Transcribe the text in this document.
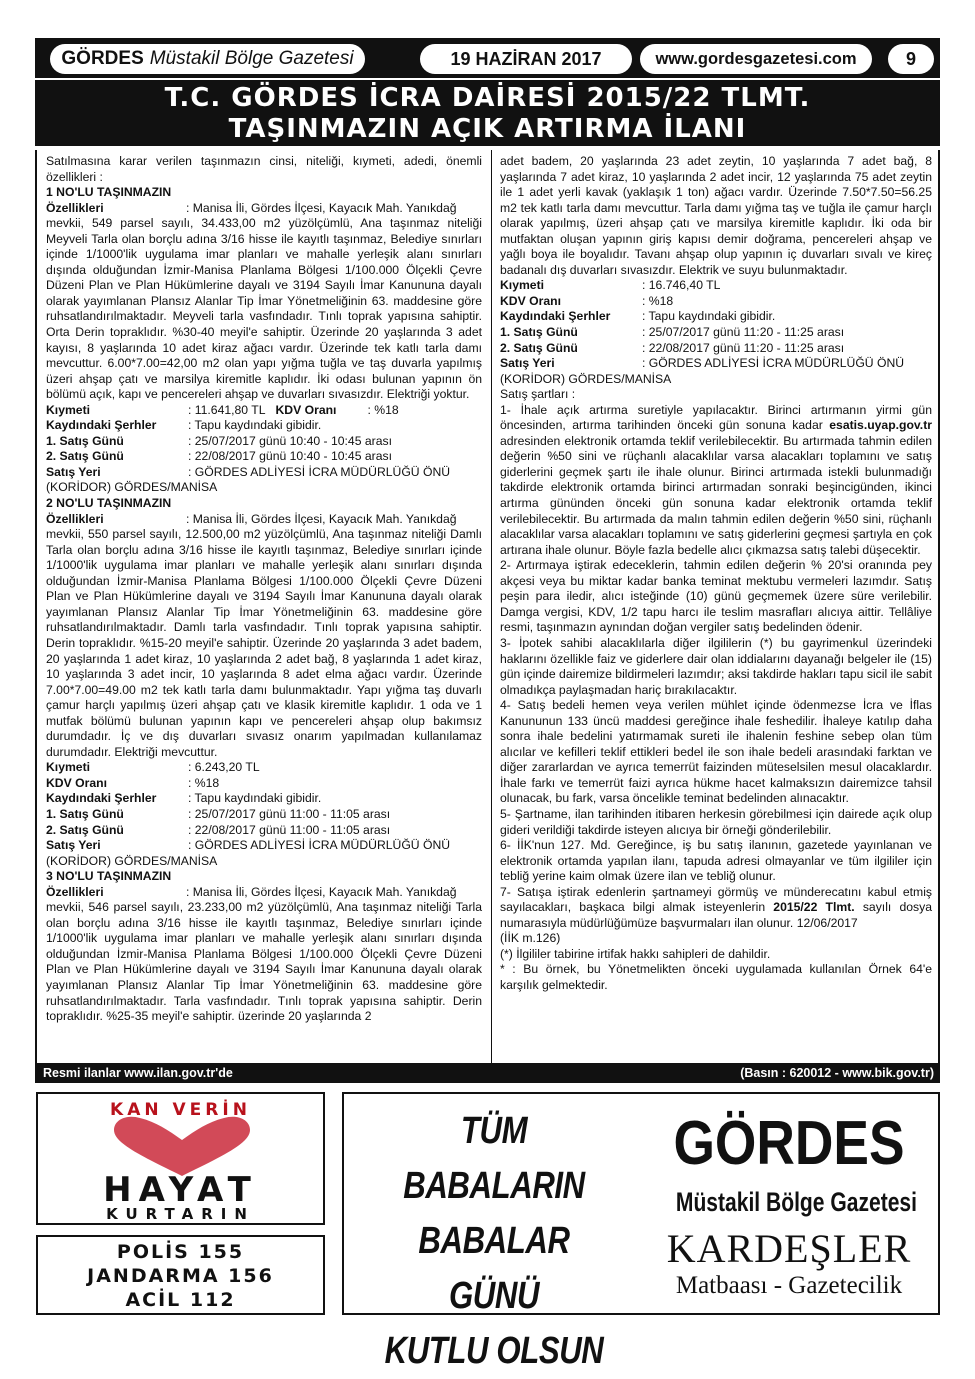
GÖRDES Müstakil Bölge Gazetesi	19 HAZİRAN 2017	www.gordesgazetesi.com	9
T.C. GÖRDES İCRA DAİRESİ 2015/22 TLMT.
TAŞINMAZIN AÇIK ARTIRMA İLANI

Satılmasına karar verilen taşınmazın cinsi, niteliği, kıymeti, adedi, önemli özellikleri :

1 NO'LU TAŞINMAZIN

Özellikleri	: Manisa İli, Gördes İlçesi, Kayacık Mah. Yanıkdağ

mevkii, 549 parsel sayılı, 34.433,00 m2 yüzölçümlü, Ana taşınmaz niteliği Meyveli Tarla olan borçlu adına 3/16 hisse ile kayıtlı taşınmaz, Belediye sınırları içinde 1/1000'lik uygulama imar planları ve mahalle yerleşik alanı sınırları dışında olduğundan İzmir-Manisa Planlama Bölgesi 1/100.000 Ölçekli Çevre Düzeni Plan ve Plan Hükümlerine dayalı ve 3194 Sayılı İmar Kanununa dayalı olarak yayımlanan Plansız Alanlar Tip İmar Yönetmeliğinin 63. maddesine göre ruhsatlandırılmaktadır. Meyveli tarla vasfındadır. Tınlı toprak yapısına sahiptir. Orta Derin topraklıdır. %30-40 meyil'e sahiptir. Üzerinde 20 yaşlarında 3 adet kayısı, 8 yaşlarında 10 adet kiraz ağacı vardır. Üzerinde tek katlı tarla damı mevcuttur. 6.00*7.00=42,00 m2 olan yapı yığma tuğla ve taş duvarla yapılmış üzeri ahşap çatı ve marsilya kiremitle kaplıdır. İki odası bulunan yapının ön bölümü açık, kapı ve pencereleri ahşap ve duvarları sıvasızdır. Elektriği yoktur.

Kıymeti	: 11.641,80 TL KDV Oranı	: %18
Kaydındaki Şerhler	: Tapu kaydındaki gibidir.
1. Satış Günü	: 25/07/2017 günü 10:40 - 10:45 arası
2. Satış Günü	: 22/08/2017 günü 10:40 - 10:45 arası
Satış Yeri	: GÖRDES ADLİYESİ İCRA MÜDÜRLÜĞÜ ÖNÜ

(KORİDOR) GÖRDES/MANİSA

2 NO'LU TAŞINMAZIN

Özellikleri	: Manisa İli, Gördes İlçesi, Kayacık Mah. Yanıkdağ

mevkii, 550 parsel sayılı, 12.500,00 m2 yüzölçümlü, Ana taşınmaz niteliği Damlı Tarla olan borçlu adına 3/16 hisse ile kayıtlı taşınmaz, Belediye sınırları içinde 1/1000'lik uygulama imar planları ve mahalle yerleşik alanı sınırları dışında olduğundan İzmir-Manisa Planlama Bölgesi 1/100.000 Ölçekli Çevre Düzeni Plan ve Plan Hükümlerine dayalı ve 3194 Sayılı İmar Kanununa dayalı olarak yayımlanan Plansız Alanlar Tip İmar Yönetmeliğinin 63. maddesine göre ruhsatlandırılmaktadır. Damlı tarla vasfındadır. Tınlı toprak yapısına sahiptir. Derin topraklıdır. %15-20 meyil'e sahiptir. Üzerinde 20 yaşlarında 3 adet badem, 20 yaşlarında 1 adet kiraz, 10 yaşlarında 2 adet bağ, 8 yaşlarında 1 adet kiraz, 10 yaşlarında 3 adet incir, 10 yaşlarında 8 adet elma ağacı vardır. Üzerinde 7.00*7.00=49.00 m2 tek katlı tarla damı bulunmaktadır. Yapı yığma taş duvarlı çamur harçlı yapılmış üzeri ahşap çatı ve klasik kiremitle kaplıdır. 1 oda ve 1 mutfak bölümü bulunan yapının kapı ve pencereleri ahşap olup bakımsız durumdadır. İç ve dış duvarları sıvasız onarım yapılmadan kullanılamaz durumdadır. Elektriği mevcuttur.

Kıymeti	: 6.243,20 TL
KDV Oranı	: %18
Kaydındaki Şerhler	: Tapu kaydındaki gibidir.
1. Satış Günü	: 25/07/2017 günü 11:00 - 11:05 arası
2. Satış Günü	: 22/08/2017 günü 11:00 - 11:05 arası
Satış Yeri	: GÖRDES ADLİYESİ İCRA MÜDÜRLÜĞÜ ÖNÜ

(KORİDOR) GÖRDES/MANİSA

3 NO'LU TAŞINMAZIN

Özellikleri	: Manisa İli, Gördes İlçesi, Kayacık Mah. Yanıkdağ

mevkii, 546 parsel sayılı, 23.233,00 m2 yüzölçümlü, Ana taşınmaz niteliği Tarla olan borçlu adına 3/16 hisse ile kayıtlı taşınmaz, Belediye sınırları içinde 1/1000'lik uygulama imar planları ve mahalle yerleşik alanı sınırları dışında olduğundan İzmir-Manisa Planlama Bölgesi 1/100.000 Ölçekli Çevre Düzeni Plan ve Plan Hükümlerine dayalı ve 3194 Sayılı İmar Kanununa dayalı olarak yayımlanan Plansız Alanlar Tip İmar Yönetmeliğinin 63. maddesine göre ruhsatlandırılmaktadır. Tarla vasfındadır. Tınlı toprak yapısına sahiptir. Derin topraklıdır. %25-35 meyil'e sahiptir. üzerinde 20 yaşlarında 2

adet badem, 20 yaşlarında 23 adet zeytin, 10 yaşlarında 7 adet bağ, 8 yaşlarında 7 adet kiraz, 10 yaşlarında 2 adet incir, 12 yaşlarında 75 adet zeytin ile 1 adet yerli kavak (yaklaşık 1 ton) ağacı vardır. Üzerinde 7.50*7.50=56.25 m2 tek katlı tarla damı mevcuttur. Tarla damı yığma taş ve tuğla ile çamur harçlı olarak yapılmış, üzeri ahşap çatı ve marsilya kiremitle kaplıdır. İki oda bir mutfaktan oluşan yapının giriş kapısı demir doğrama, pencereleri ahşap ve yağlı boya ile boyalıdır. Tavanı ahşap olup yapının iç duvarları sıvalı ve kireç badanalı dış duvarları sıvasızdır. Elektrik ve suyu bulunmaktadır.

Kıymeti	: 16.746,40 TL
KDV Oranı	: %18
Kaydındaki Şerhler	: Tapu kaydındaki gibidir.
1. Satış Günü	: 25/07/2017 günü 11:20 - 11:25 arası
2. Satış Günü	: 22/08/2017 günü 11:20 - 11:25 arası
Satış Yeri	: GÖRDES ADLİYESİ İCRA MÜDÜRLÜĞÜ ÖNÜ

(KORİDOR) GÖRDES/MANİSA

Satış şartları :

1- İhale açık artırma suretiyle yapılacaktır. Birinci artırmanın yirmi gün öncesinden, artırma tarihinden önceki gün sonuna kadar esatis.uyap.gov.tr adresinden elektronik ortamda teklif verilebilecektir. Bu artırmada tahmin edilen değerin %50 sini ve rüçhanlı alacaklılar varsa alacakları toplamını ve satış giderlerini geçmek şartı ile ihale olunur. Birinci artırmada istekli bulunmadığı takdirde elektronik ortamda birinci artırmadan sonraki beşincigünden, ikinci artırma gününden önceki gün sonuna kadar elektronik ortamda teklif verilebilecektir. Bu artırmada da malın tahmin edilen değerin %50 sini, rüçhanlı alacaklılar varsa alacakları toplamını ve satış giderlerini geçmesi şartıyla en çok artırana ihale olunur. Böyle fazla bedelle alıcı çıkmazsa satış talebi düşecektir.

2- Artırmaya iştirak edeceklerin, tahmin edilen değerin % 20'si oranında pey akçesi veya bu miktar kadar banka teminat mektubu vermeleri lazımdır. Satış peşin para iledir, alıcı isteğinde (10) günü geçmemek üzere süre verilebilir. Damga vergisi, KDV, 1/2 tapu harcı ile teslim masrafları alıcıya aittir. Tellâliye resmi, taşınmazın aynından doğan vergiler satış bedelinden ödenir.

3- İpotek sahibi alacaklılarla diğer ilgililerin (*) bu gayrimenkul üzerindeki haklarını özellikle faiz ve giderlere dair olan iddialarını dayanağı belgeler ile (15) gün içinde dairemize bildirmeleri lazımdır; aksi takdirde hakları tapu sicil ile sabit olmadıkça paylaşmadan hariç bırakılacaktır.

4- Satış bedeli hemen veya verilen mühlet içinde ödenmezse İcra ve İflas Kanununun 133 üncü maddesi gereğince ihale feshedilir. İhaleye katılıp daha sonra ihale bedelini yatırmamak sureti ile ihalenin feshine sebep olan tüm alıcılar ve kefilleri teklif ettikleri bedel ile son ihale bedeli arasındaki farktan ve diğer zararlardan ve ayrıca temerrüt faizinden müteselsilen mesul olacaklardır. İhale farkı ve temerrüt faizi ayrıca hükme hacet kalmaksızın dairemizce tahsil olunacak, bu fark, varsa öncelikle teminat bedelinden alınacaktır.

5- Şartname, ilan tarihinden itibaren herkesin görebilmesi için dairede açık olup gideri verildiği takdirde isteyen alıcıya bir örneği gönderilebilir.

6- İİK'nun 127. Md. Gereğince, iş bu satış ilanının, gazetede yayınlanan ve elektronik ortamda yapılan ilanı, tapuda adresi olmayanlar ve tüm ilgililer için tebliğ yerine kaim olmak üzere ilan ve tebliğ olunur.

7- Satışa iştirak edenlerin şartnameyi görmüş ve münderecatını kabul etmiş sayılacakları, başkaca bilgi almak isteyenlerin 2015/22 Tlmt. sayılı dosya numarasıyla müdürlüğümüze başvurmaları ilan olunur. 12/06/2017

(İİK m.126)

(*) İlgililer tabirine irtifak hakkı sahipleri de dahildir.

* : Bu örnek, bu Yönetmelikten önceki uygulamada kullanılan Örnek 64'e karşılık gelmektedir.

Resmi ilanlar www.ilan.gov.tr'de	(Basın : 620012 - www.bik.gov.tr)
KAN VERİN
HAYAT
KURTARIN
POLİS 155
JANDARMA 156
ACİL 112
TÜM
BABALARIN
BABALAR GÜNÜ
KUTLU OLSUN
GÖRDES
Müstakil Bölge Gazetesi
KARDEŞLER
Matbaası - Gazetecilik
